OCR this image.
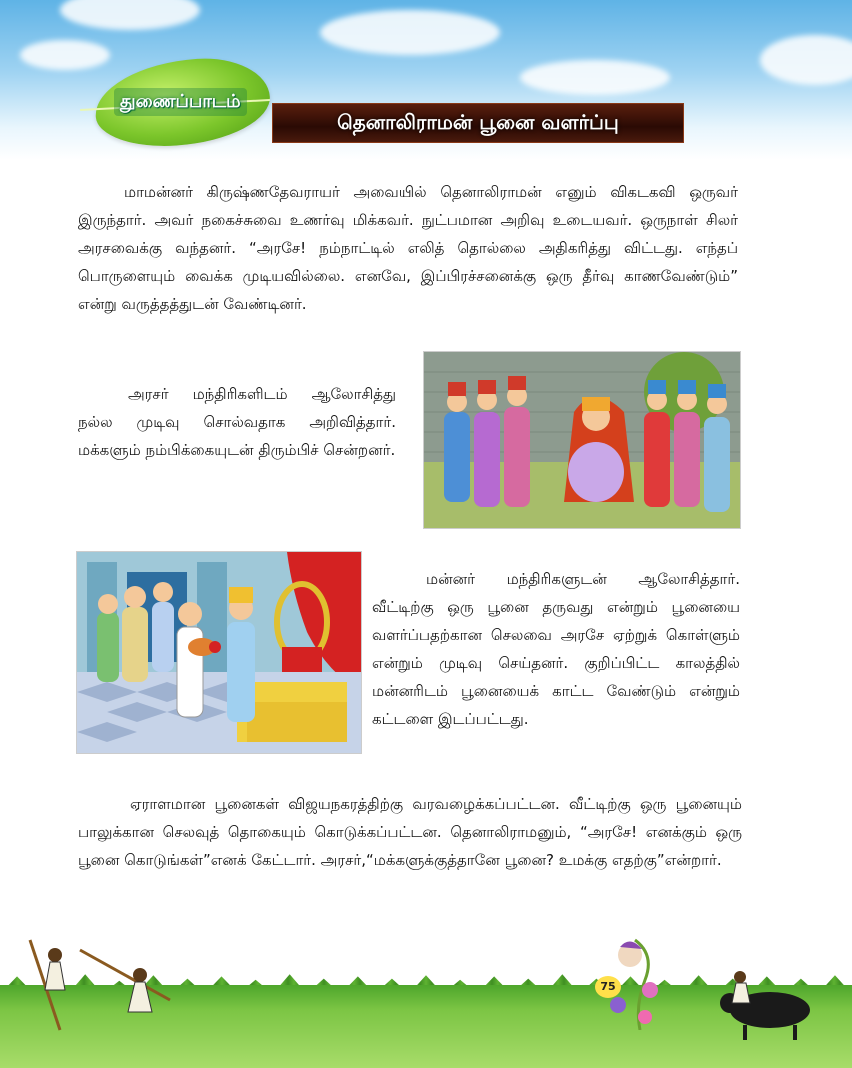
துணைப்பாடம்
தெனாலிராமன் பூனை வளர்ப்பு

மாமன்னர் கிருஷ்ணதேவராயர் அவையில் தெனாலிராமன் எனும் விகடகவி ஒருவர் இருந்தார். அவர் நகைச்சுவை உணர்வு மிக்கவர். நுட்பமான அறிவு உடையவர். ஒருநாள் சிலர் அரசவைக்கு வந்தனர். “அரசே! நம்நாட்டில் எலித் தொல்லை அதிகரித்து விட்டது. எந்தப் பொருளையும் வைக்க முடியவில்லை. எனவே, இப்பிரச்சனைக்கு ஒரு தீர்வு காணவேண்டும்” என்று வருத்தத்துடன் வேண்டினர்.

அரசர் மந்திரிகளிடம் ஆலோசித்து நல்ல முடிவு சொல்வதாக அறிவித்தார். மக்களும் நம்பிக்கையுடன் திரும்பிச் சென்றனர்.

மன்னர் மந்திரிகளுடன் ஆலோசித்தார். வீட்டிற்கு ஒரு பூனை தருவது என்றும் பூனையை வளர்ப்பதற்கான செலவை அரசே ஏற்றுக் கொள்ளும் என்றும் முடிவு செய்தனர். குறிப்பிட்ட காலத்தில் மன்னரிடம் பூனையைக் காட்ட வேண்டும் என்றும் கட்டளை இடப்பட்டது.

ஏராளமான பூனைகள் விஜயநகரத்திற்கு வரவழைக்கப்பட்டன. வீட்டிற்கு ஒரு பூனையும் பாலுக்கான செலவுத் தொகையும் கொடுக்கப்பட்டன. தெனாலிராமனும், “அரசே! எனக்கும் ஒரு பூனை கொடுங்கள்”எனக் கேட்டார். அரசர்,“மக்களுக்குத்தானே பூனை? உமக்கு எதற்கு”என்றார்.

75
